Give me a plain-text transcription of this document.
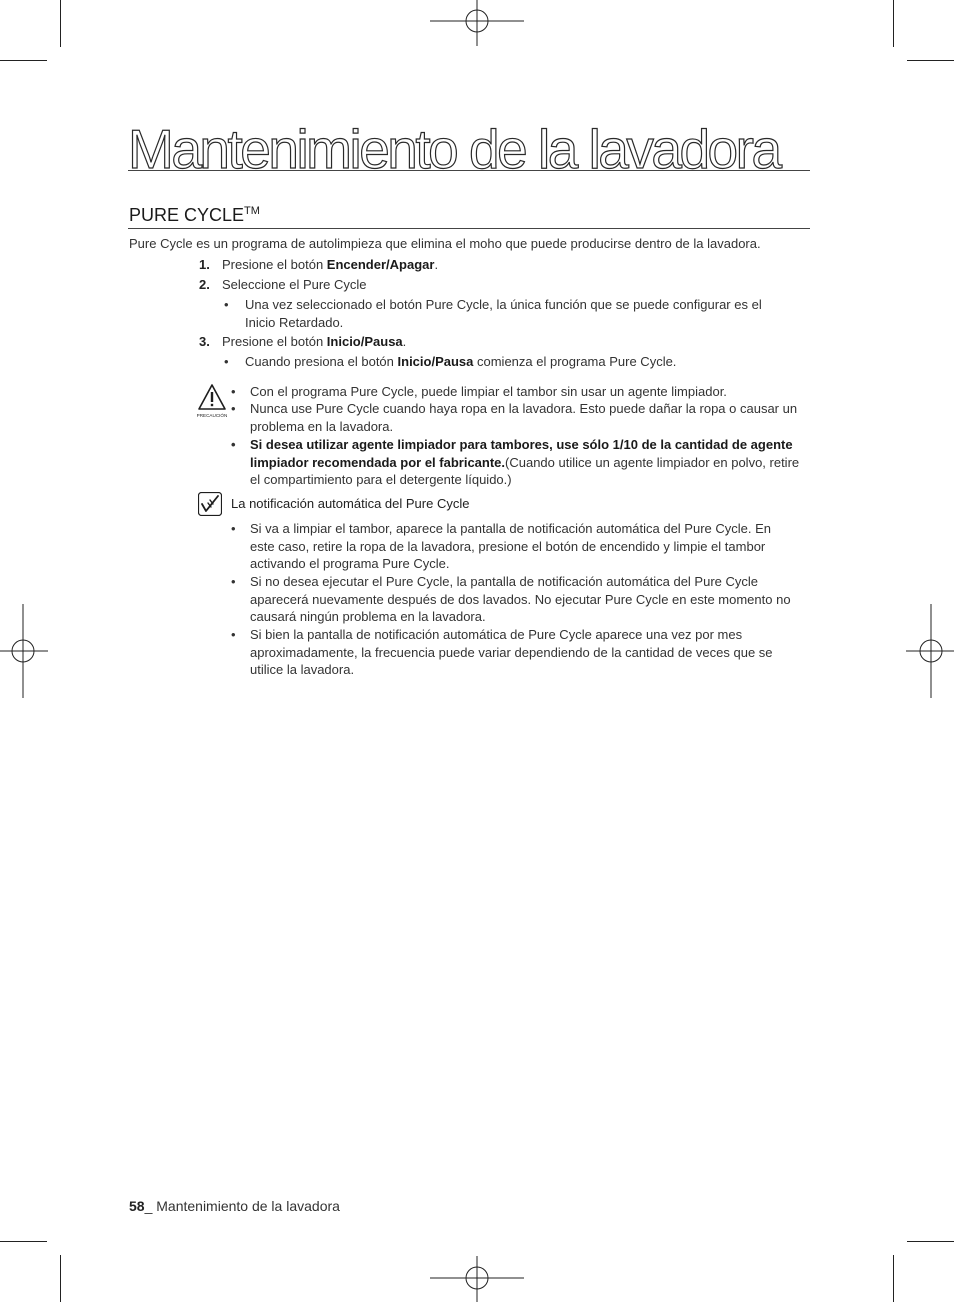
Mantenimiento de la lavadora
PURE CYCLE™
Pure Cycle es un programa de autolimpieza que elimina el moho que puede producirse dentro de la lavadora.
1. Presione el botón Encender/Apagar.
2. Seleccione el Pure Cycle
• Una vez seleccionado el botón Pure Cycle, la única función que se puede configurar es el Inicio Retardado.
3. Presione el botón Inicio/Pausa.
• Cuando presiona el botón Inicio/Pausa comienza el programa Pure Cycle.
PRECAUCIÓN
• Con el programa Pure Cycle, puede limpiar el tambor sin usar un agente limpiador.
• Nunca use Pure Cycle cuando haya ropa en la lavadora. Esto puede dañar la ropa o causar un problema en la lavadora.
• Si desea utilizar agente limpiador para tambores, use sólo 1/10 de la cantidad de agente limpiador recomendada por el fabricante.(Cuando utilice un agente limpiador en polvo, retire el compartimiento para el detergente líquido.)
La notificación automática del Pure Cycle
• Si va a limpiar el tambor, aparece la pantalla de notificación automática del Pure Cycle. En este caso, retire la ropa de la lavadora, presione el botón de encendido y limpie el tambor activando el programa Pure Cycle.
• Si no desea ejecutar el Pure Cycle, la pantalla de notificación automática del Pure Cycle aparecerá nuevamente después de dos lavados. No ejecutar Pure Cycle en este momento no causará ningún problema en la lavadora.
• Si bien la pantalla de notificación automática de Pure Cycle aparece una vez por mes aproximadamente, la frecuencia puede variar dependiendo de la cantidad de veces que se utilice la lavadora.
58_ Mantenimiento de la lavadora
